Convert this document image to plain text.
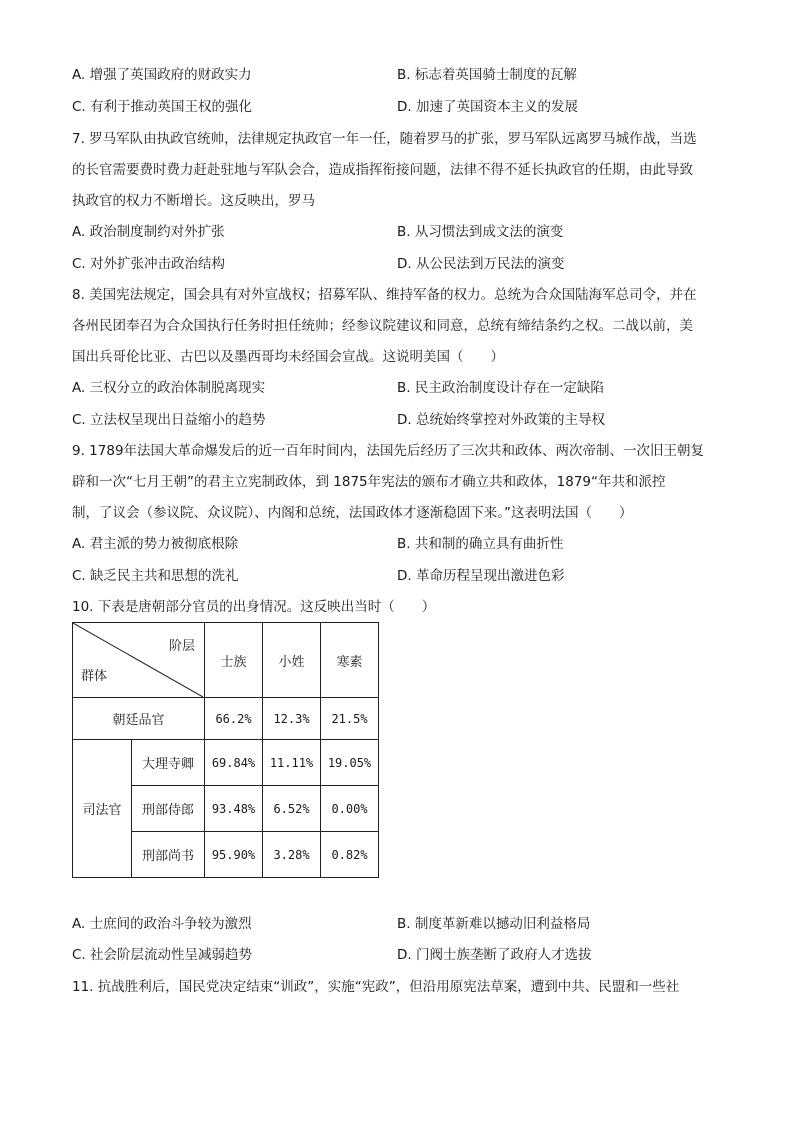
A. 增强了英国政府的财政实力	B. 标志着英国骑士制度的瓦解
C. 有利于推动英国王权的强化	D. 加速了英国资本主义的发展
7. 罗马军队由执政官统帅，法律规定执政官一年一任，随着罗马的扩张，罗马军队远离罗马城作战，当选
的长官需要费时费力赶赴驻地与军队会合，造成指挥衔接问题，法律不得不延长执政官的任期，由此导致
执政官的权力不断增长。这反映出，罗马
A. 政治制度制约对外扩张	B. 从习惯法到成文法的演变
C. 对外扩张冲击政治结构	D. 从公民法到万民法的演变
8. 美国宪法规定，国会具有对外宣战权；招募军队、维持军备的权力。总统为合众国陆海军总司令，并在
各州民团奉召为合众国执行任务时担任统帅；经参议院建议和同意，总统有缔结条约之权。二战以前，美
国出兵哥伦比亚、古巴以及墨西哥均未经国会宣战。这说明美国（　　）
A. 三权分立的政治体制脱离现实	B. 民主政治制度设计存在一定缺陷
C. 立法权呈现出日益缩小的趋势	D. 总统始终掌控对外政策的主导权
9. 1789年法国大革命爆发后的近一百年时间内，法国先后经历了三次共和政体、两次帝制、一次旧王朝复
辟和一次“七月王朝”的君主立宪制政体，到 1875年宪法的颁布才确立共和政体，1879“年共和派控
制，了议会（参议院、众议院）、内阁和总统，法国政体才逐渐稳固下来。”这表明法国（　　）
A. 君主派的势力被彻底根除	B. 共和制的确立具有曲折性
C. 缺乏民主共和思想的洗礼	D. 革命历程呈现出激进色彩
10. 下表是唐朝部分官员的出身情况。这反映出当时（　　）
阶层
群体		士族	小姓	寒素
朝廷品官		66.2%	12.3%	21.5%
司法官	大理寺卿	69.84%	11.11%	19.05%
	刑部侍郎	93.48%	6.52%	0.00%
	刑部尚书	95.90%	3.28%	0.82%
A. 士庶间的政治斗争较为激烈	B. 制度革新难以撼动旧利益格局
C. 社会阶层流动性呈减弱趋势	D. 门阀士族垄断了政府人才选拔
11. 抗战胜利后，国民党决定结束“训政”，实施“宪政”，但沿用原宪法草案，遭到中共、民盟和一些社
